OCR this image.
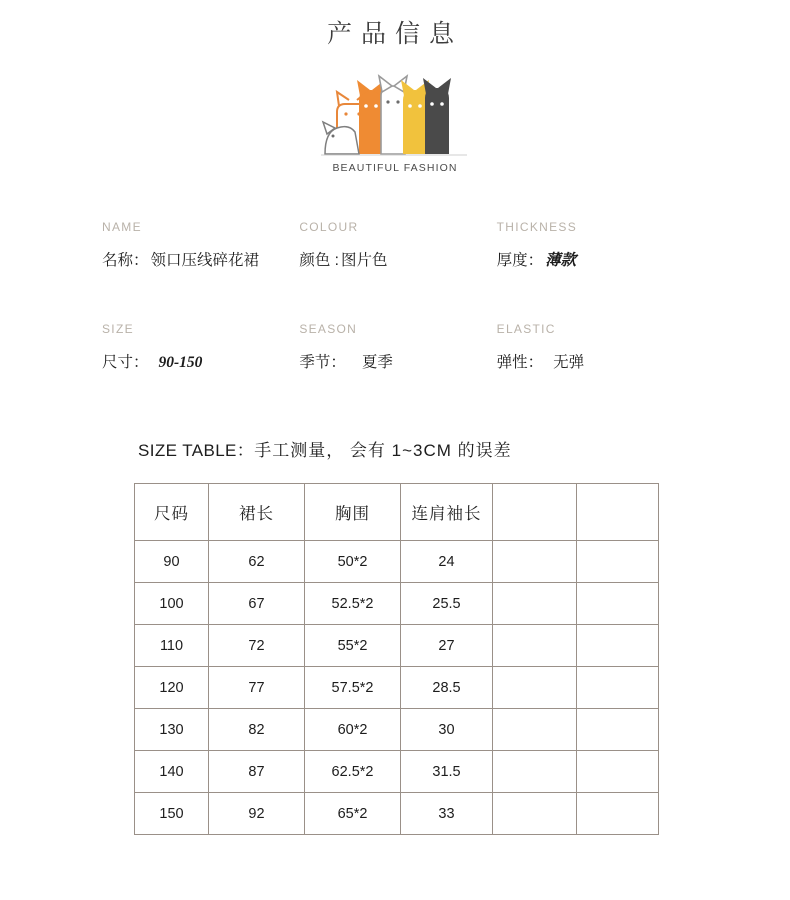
产品信息
BEAUTIFUL FASHION
NAME
名称： 领口压线碎花裙
COLOUR
颜色 : 图片色
THICKNESS
厚度： 薄款
SIZE
尺寸： 90-150
SEASON
季节： 夏季
ELASTIC
弹性： 无弹
SIZE TABLE：手工测量， 会有 1~3CM 的误差
尺码	裙长	胸围	连肩袖长		
90	62	50*2	24		
100	67	52.5*2	25.5		
110	72	55*2	27		
120	77	57.5*2	28.5		
130	82	60*2	30		
140	87	62.5*2	31.5		
150	92	65*2	33		
